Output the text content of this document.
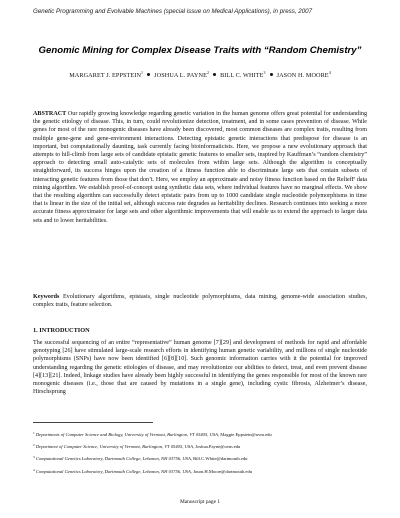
Genetic Programming and Evolvable Machines (special issue on Medical Applications), in press, 2007
Genomic Mining for Complex Disease Traits with “Random Chemistry”
MARGARET J. EPPSTEIN$^1$ JOSHUA L. PAYNE$^2$ BILL C. WHITE$^3$ JASON H. MOORE$^4$

ABSTRACT Our rapidly growing knowledge regarding genetic variation in the human genome offers great potential for understanding the genetic etiology of disease. This, in turn, could revolutionize detection, treatment, and in some cases prevention of disease. While genes for most of the rare monogenic diseases have already been discovered, most common diseases are complex traits, resulting from multiple gene-gene and gene-environment interactions. Detecting epistatic genetic interactions that predispose for disease is an important, but computationally daunting, task currently facing bioinformaticists. Here, we propose a new evolutionary approach that attempts to hill-climb from large sets of candidate epistatic genetic features to smaller sets, inspired by Kauffman’s “random chemistry” approach to detecting small auto-catalytic sets of molecules from within large sets. Although the algorithm is conceptually straightforward, its success hinges upon the creation of a fitness function able to discriminate large sets that contain subsets of interacting genetic features from those that don’t. Here, we employ an approximate and noisy fitness function based on the ReliefF data mining algorithm. We establish proof-of-concept using synthetic data sets, where individual features have no marginal effects. We show that the resulting algorithm can successfully detect epistatic pairs from up to 1000 candidate single nucleotide polymorphisms in time that is linear in the size of the initial set, although success rate degrades as heritability declines. Research continues into seeking a more accurate fitness approximator for large sets and other algorithmic improvements that will enable us to extend the approach to larger data sets and to lower heritabilities.

Keywords Evolutionary algorithms, epistasis, single nucleotide polymorphisms, data mining, genome-wide association studies, complex traits, feature selection.

1. INTRODUCTION

The successful sequencing of an entire “representative” human genome [7][29] and development of methods for rapid and affordable genotyping [26] have stimulated large-scale research efforts in identifying human genetic variability, and millions of single nucleotide polymorphisms (SNPs) have now been identified [6][8][10]. Such genomic information carries with it the potential for improved understanding regarding the genetic etiologies of disease, and may revolutionize our abilities to detect, treat, and even prevent disease [4][13][21]. Indeed, linkage studies have already been highly successful in identifying the genes responsible for most of the known rare monogenic diseases (i.e., those that are caused by mutations in a single gene), including cystic fibrosis, Alzheimer’s disease, Hirschsprung

$^1$ Departments of Computer Science and Biology, University of Vermont, Burlington, VT 05405, USA, Maggie.Eppstein@uvm.edu

$^2$ Department of Computer Science, University of Vermont, Burlington, VT 05405, USA, Joshua.Payne@uvm.edu

$^3$ Computational Genetics Laboratory, Dartmouth College, Lebanon, NH 03756, USA, Bill.C.White@dartmouth.edu

$^4$ Computational Genetics Laboratory, Dartmouth College, Lebanon, NH 03756, USA, Jason.H.Moore@dartmouth.edu

Manuscript page 1
